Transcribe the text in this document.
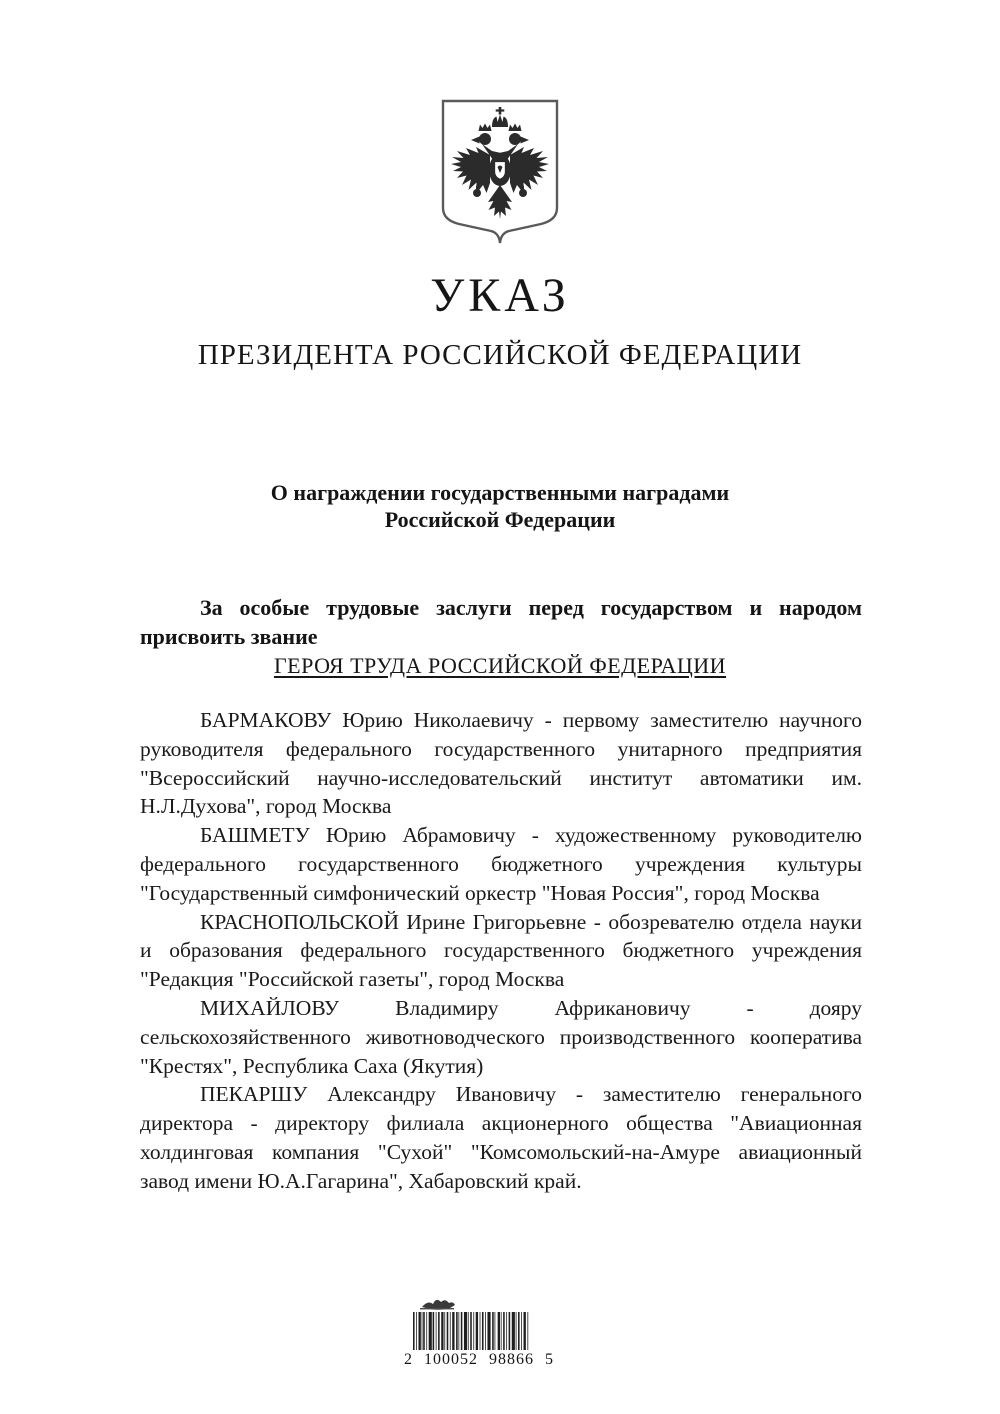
УКАЗ
ПРЕЗИДЕНТА РОССИЙСКОЙ ФЕДЕРАЦИИ
О награждении государственными наградами
Российской Федерации

За особые трудовые заслуги перед государством и народом присвоить звание

ГЕРОЯ ТРУДА РОССИЙСКОЙ ФЕДЕРАЦИИ

БАРМАКОВУ Юрию Николаевичу - первому заместителю научного руководителя федерального государственного унитарного предприятия "Всероссийский научно-исследовательский институт автоматики им. Н.Л.Духова", город Москва

БАШМЕТУ Юрию Абрамовичу - художественному руководителю федерального государственного бюджетного учреждения культуры "Государственный симфонический оркестр "Новая Россия", город Москва

КРАСНОПОЛЬСКОЙ Ирине Григорьевне - обозревателю отдела науки и образования федерального государственного бюджетного учреждения "Редакция "Российской газеты", город Москва

МИХАЙЛОВУ Владимиру Африкановичу - дояру сельскохозяйственного животноводческого производственного кооператива "Крестях", Республика Саха (Якутия)

ПЕКАРШУ Александру Ивановичу - заместителю генерального директора - директору филиала акционерного общества "Авиационная холдинговая компания "Сухой" "Комсомольский-на-Амуре авиационный завод имени Ю.А.Гагарина", Хабаровский край.

2 100052 98866 5
